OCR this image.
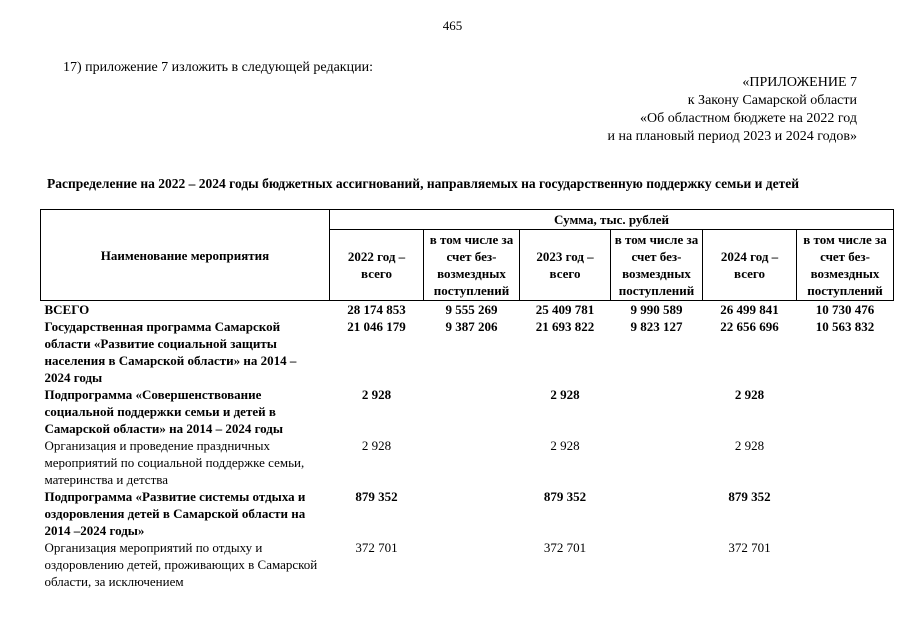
465
17) приложение 7 изложить в следующей редакции:
«ПРИЛОЖЕНИЕ 7
к Закону Самарской области
«Об областном бюджете на 2022 год
и на плановый период 2023 и 2024 годов»
Распределение на 2022 – 2024 годы бюджетных ассигнований, направляемых на государственную поддержку семьи и детей
Наименование мероприятия	Сумма, тыс. рублей					
	2022 год – всего	в том числе за счет без-возмездных поступлений	2023 год – всего	в том числе за счет без-возмездных поступлений	2024 год – всего	в том числе за счет без-возмездных поступлений
ВСЕГО	28 174 853	9 555 269	25 409 781	9 990 589	26 499 841	10 730 476
Государственная программа Самарской области «Развитие социальной защиты населения в Самарской области» на 2014 – 2024 годы	21 046 179	9 387 206	21 693 822	9 823 127	22 656 696	10 563 832
Подпрограмма «Совершенствование социальной поддержки семьи и детей в Самарской области» на 2014 – 2024 годы	2 928		2 928		2 928	
Организация и проведение праздничных мероприятий по социальной поддержке семьи, материнства и детства	2 928		2 928		2 928	
Подпрограмма «Развитие системы отдыха и оздоровления детей в Самарской области на 2014 –2024 годы»	879 352		879 352		879 352	
Организация мероприятий по отдыху и оздоровлению детей, проживающих в Самарской области, за исключением	372 701		372 701		372 701	
